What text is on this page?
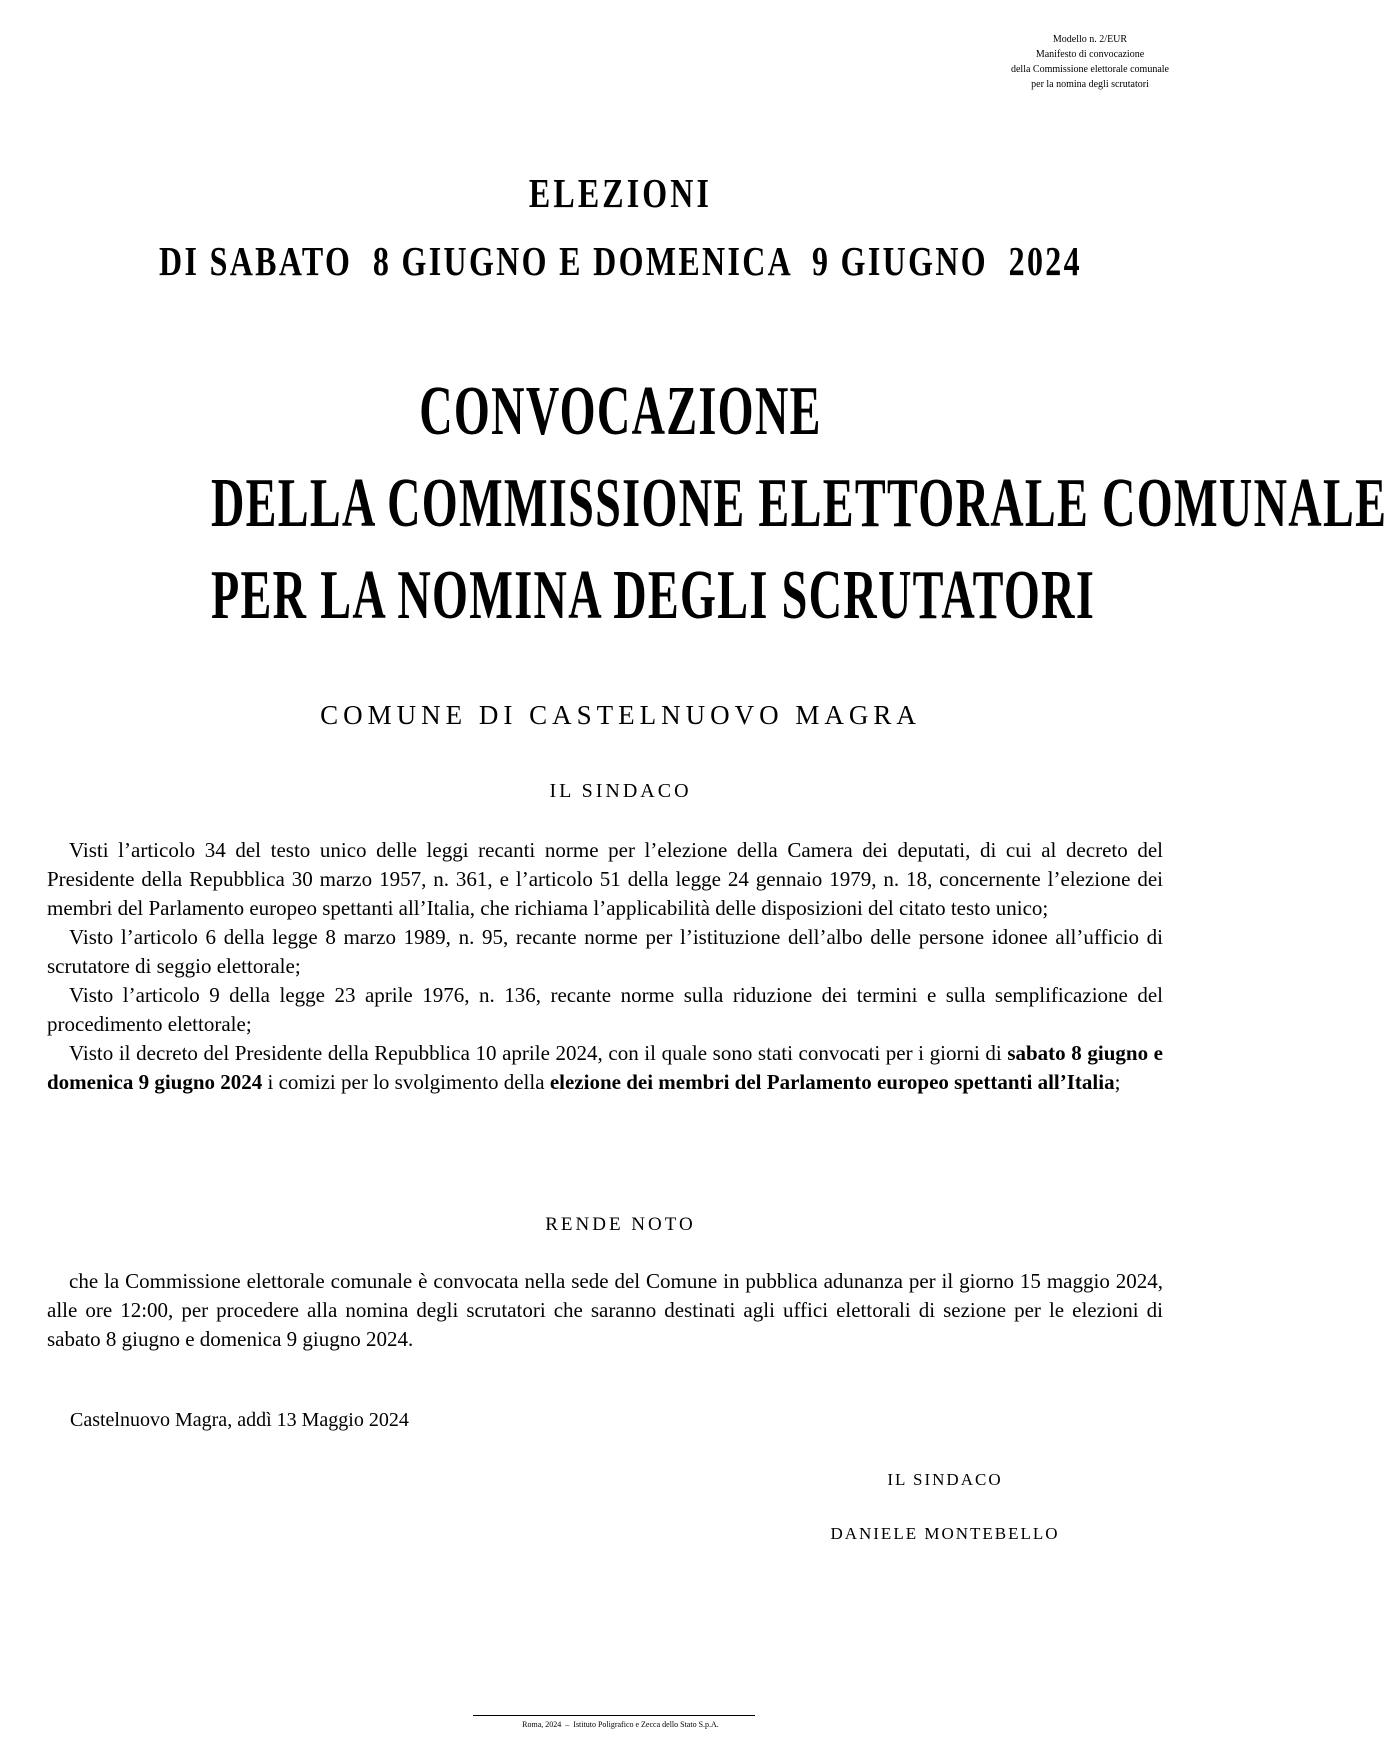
Modello n. 2/EUR
Manifesto di convocazione
della Commissione elettorale comunale
per la nomina degli scrutatori
ELEZIONI
DI SABATO  8 GIUGNO E DOMENICA  9 GIUGNO  2024
CONVOCAZIONE
DELLA COMMISSIONE ELETTORALE COMUNALE
PER LA NOMINA DEGLI SCRUTATORI
COMUNE DI CASTELNUOVO MAGRA
IL SINDACO

Visti l’articolo 34 del testo unico delle leggi recanti norme per l’elezione della Camera dei deputati, di cui al decreto del Presidente della Repubblica 30 marzo 1957, n. 361, e l’articolo 51 della legge 24 gennaio 1979, n. 18, concernente l’elezione dei membri del Parlamento europeo spettanti all’Italia, che richiama l’applicabilità delle disposizioni del citato testo unico;

Visto l’articolo 6 della legge 8 marzo 1989, n. 95, recante norme per l’istituzione dell’albo delle persone idonee all’ufficio di scrutatore di seggio elettorale;

Visto l’articolo 9 della legge 23 aprile 1976, n. 136, recante norme sulla riduzione dei termini e sulla semplificazione del procedimento elettorale;

Visto il decreto del Presidente della Repubblica 10 aprile 2024, con il quale sono stati convocati per i giorni di sabato 8 giugno e domenica 9 giugno 2024 i comizi per lo svolgimento della elezione dei membri del Parlamento europeo spettanti all’Italia;

RENDE NOTO

che la Commissione elettorale comunale è convocata nella sede del Comune in pubblica adunanza per il giorno 15 maggio 2024, alle ore 12:00, per procedere alla nomina degli scrutatori che saranno destinati agli uffici elettorali di sezione per le elezioni di sabato 8 giugno e domenica 9 giugno 2024.

Castelnuovo Magra, addì 13 Maggio 2024
IL SINDACO
DANIELE MONTEBELLO
Roma, 2024  –  Istituto Poligrafico e Zecca dello Stato S.p.A.
